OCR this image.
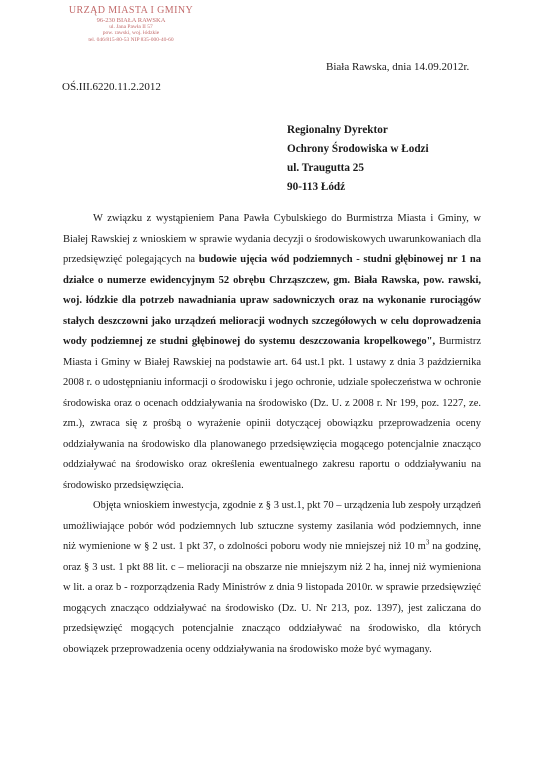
URZĄD MIASTA I GMINY
96-230 BIAŁA RAWSKA
ul. Jana Pawła II 57
pow. rawski, woj. łódzkie
tel. 046/815-80-53 NIP 835-000-40-60
Biała Rawska, dnia 14.09.2012r.
OŚ.III.6220.11.2.2012
Regionalny Dyrektor
Ochrony Środowiska w Łodzi
ul. Traugutta 25
90-113 Łódź

W związku z wystąpieniem Pana Pawła Cybulskiego do Burmistrza Miasta i Gminy, w Białej Rawskiej z wnioskiem w sprawie wydania decyzji o środowiskowych uwarunkowaniach dla przedsięwzięć polegających na budowie ujęcia wód podziemnych - studni głębinowej nr 1 na działce o numerze ewidencyjnym 52 obrębu Chrząszczew, gm. Biała Rawska, pow. rawski, woj. łódzkie dla potrzeb nawadniania upraw sadowniczych oraz na wykonanie rurociągów stałych deszczowni jako urządzeń melioracji wodnych szczegółowych w celu doprowadzenia wody podziemnej ze studni głębinowej do systemu deszczowania kropelkowego", Burmistrz Miasta i Gminy w Białej Rawskiej na podstawie art. 64 ust.1 pkt. 1 ustawy z dnia 3 października 2008 r. o udostępnianiu informacji o środowisku i jego ochronie, udziale społeczeństwa w ochronie środowiska oraz o ocenach oddziaływania na środowisko (Dz. U. z 2008 r. Nr 199, poz. 1227, ze. zm.), zwraca się z prośbą o wyrażenie opinii dotyczącej obowiązku przeprowadzenia oceny oddziaływania na środowisko dla planowanego przedsięwzięcia mogącego potencjalnie znacząco oddziaływać na środowisko oraz określenia ewentualnego zakresu raportu o oddziaływaniu na środowisko przedsięwzięcia.

Objęta wnioskiem inwestycja, zgodnie z § 3 ust.1, pkt 70 – urządzenia lub zespoły urządzeń umożliwiające pobór wód podziemnych lub sztuczne systemy zasilania wód podziemnych, inne niż wymienione w § 2 ust. 1 pkt 37, o zdolności poboru wody nie mniejszej niż 10 $m^3$ na godzinę, oraz § 3 ust. 1 pkt 88 lit. c – melioracji na obszarze nie mniejszym niż 2 ha, innej niż wymieniona w lit. a oraz b - rozporządzenia Rady Ministrów z dnia 9 listopada 2010r. w sprawie przedsięwzięć mogących znacząco oddziaływać na środowisko (Dz. U. Nr 213, poz. 1397), jest zaliczana do przedsięwzięć mogących potencjalnie znacząco oddziaływać na środowisko, dla których obowiązek przeprowadzenia oceny oddziaływania na środowisko może być wymagany.
